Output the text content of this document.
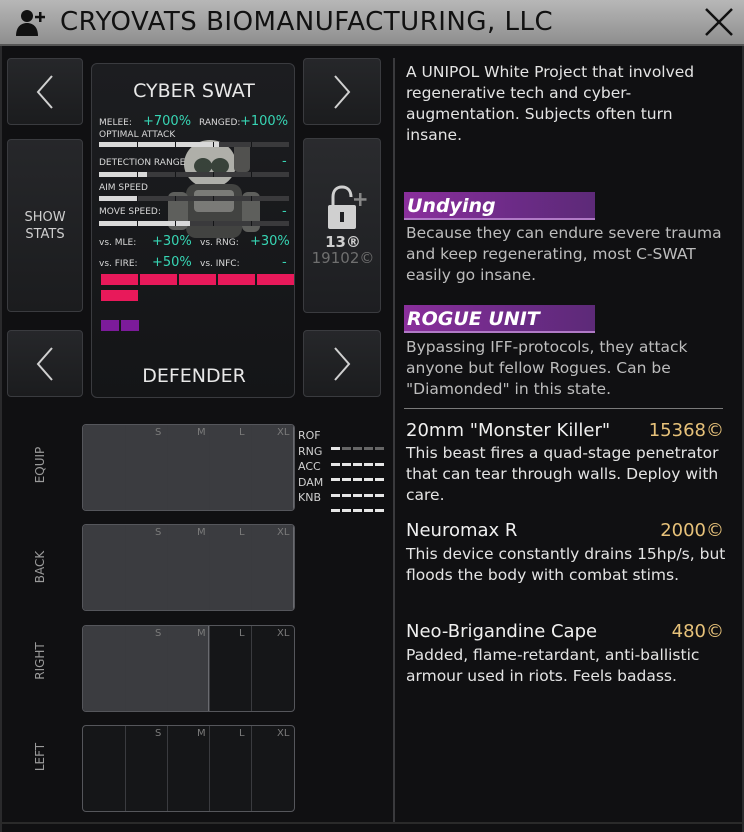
CRYOVATS BIOMANUFACTURING, LLC
SHOW
STATS	13®
19102©
CYBER SWAT
MELEE: +700% RANGED: +100%
OPTIMAL ATTACK
DETECTION RANGE	-
AIM SPEED
MOVE SPEED:	-
vs. MLE: +30% vs. RNG: +30%
vs. FIRE: +50% vs. INFC:	-
DEFENDER
EQUIP
S	M	L	XL
BACK
S	M	L	XL
RIGHT
S	M	L	XL
LEFT
S	M	L	XL
ROF
RNG
ACC
DAM
KNB
A UNIPOL White Project that involved regenerative tech and cyber-augmentation. Subjects often turn insane.
Undying
Because they can endure severe trauma and keep regenerating, most C-SWAT easily go insane.
ROGUE UNIT
Bypassing IFF-protocols, they attack anyone but fellow Rogues. Can be "Diamonded" in this state.
20mm "Monster Killer" 15368©
This beast fires a quad-stage penetrator that can tear through walls. Deploy with care.
Neuromax R	2000©
This device constantly drains 15hp/s, but floods the body with combat stims.
Neo-Brigandine Cape	480©
Padded, flame-retardant, anti-ballistic armour used in riots. Feels badass.
